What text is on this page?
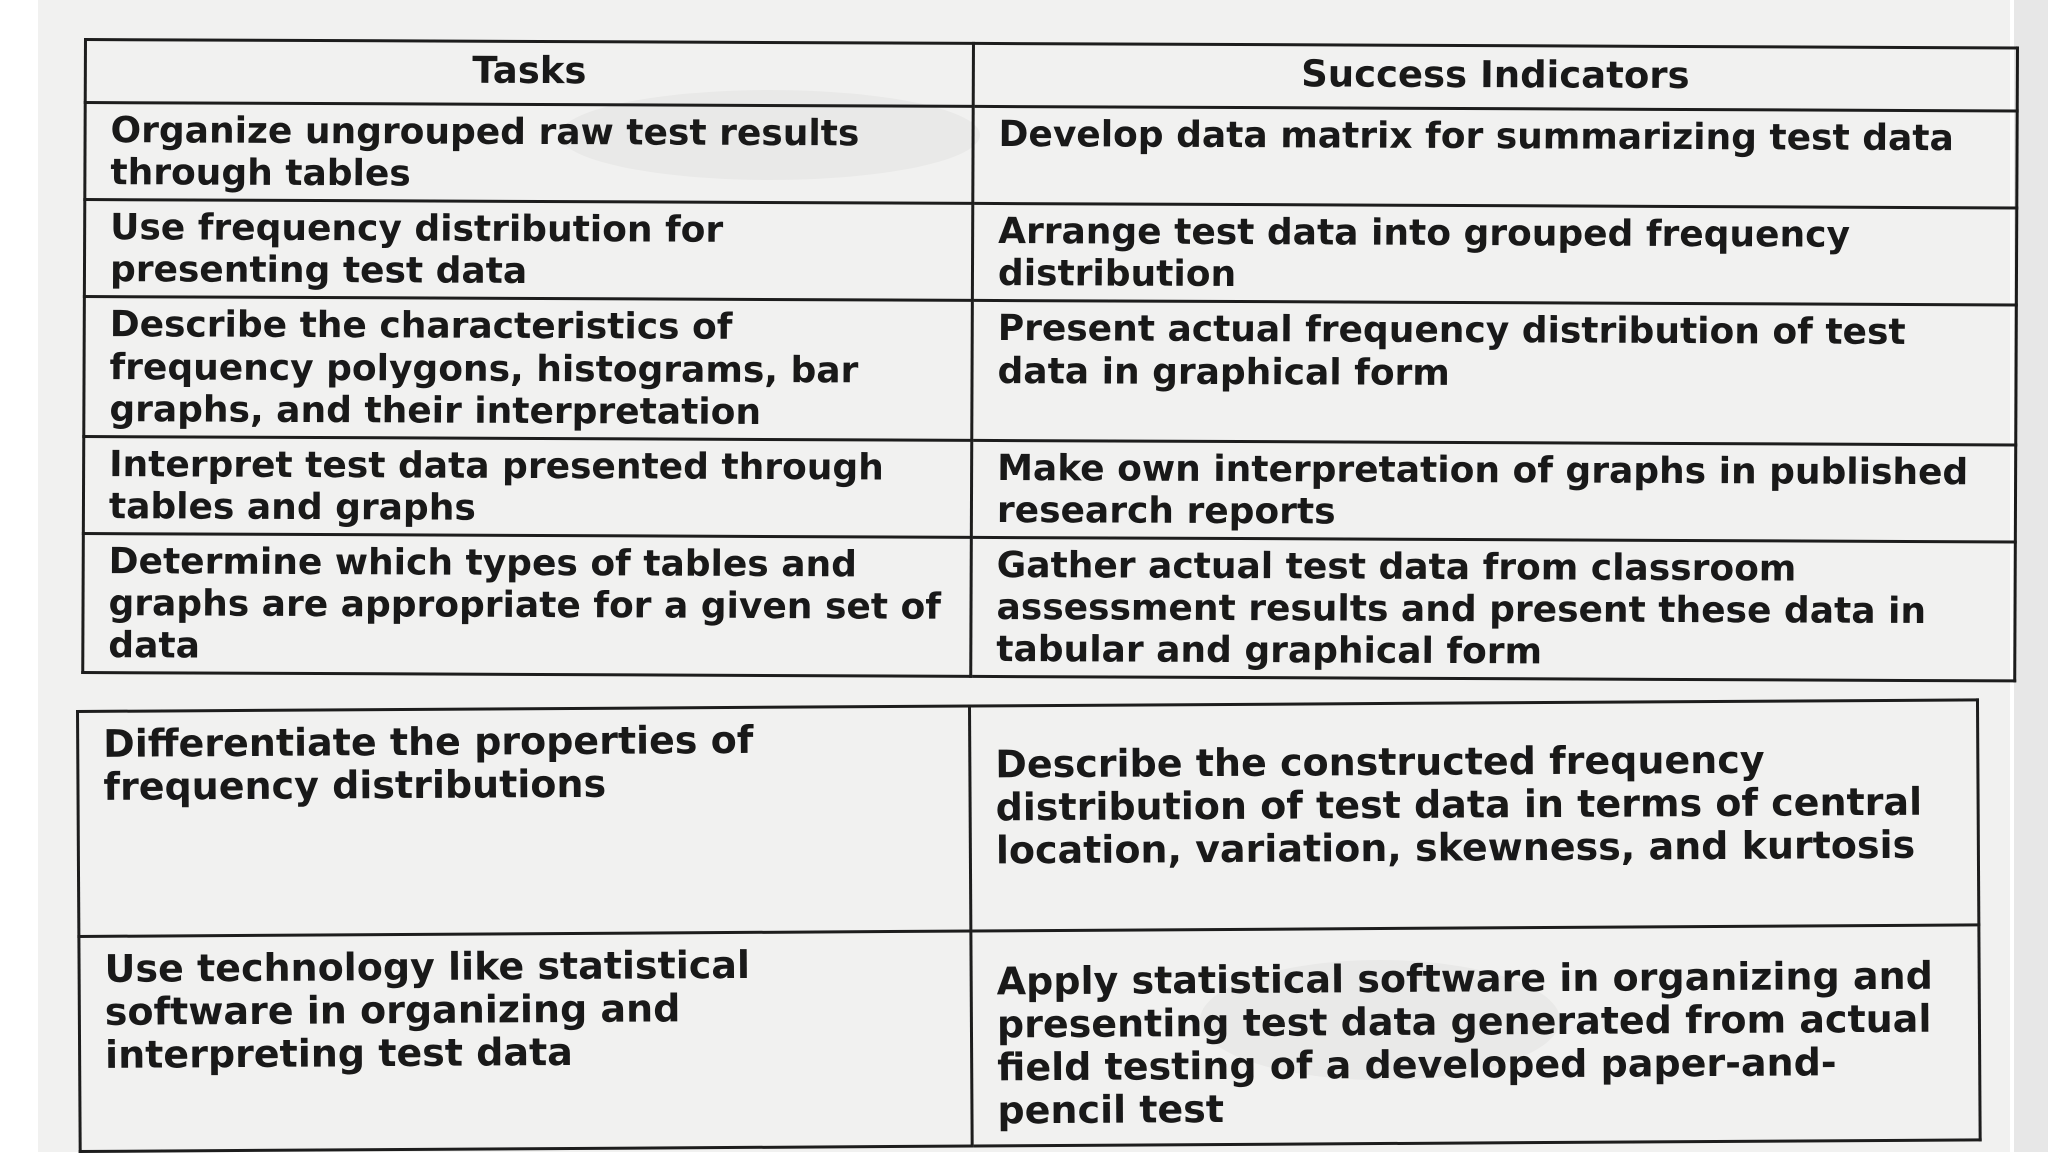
Tasks	Success Indicators
Organize ungrouped raw test results through tables	Develop data matrix for summarizing test data
Use frequency distribution for presenting test data	Arrange test data into grouped frequency distribution
Describe the characteristics of frequency polygons, histograms, bar graphs, and their interpretation	Present actual frequency distribution of test data in graphical form
Interpret test data presented through tables and graphs	Make own interpretation of graphs in published research reports
Determine which types of tables and graphs are appropriate for a given set of data	Gather actual test data from classroom assessment results and present these data in tabular and graphical form
Differentiate the properties of frequency distributions	Describe the constructed frequency distribution of test data in terms of central location, variation, skewness, and kurtosis
Use technology like statistical software in organizing and interpreting test data	Apply statistical software in organizing and presenting test data generated from actual field testing of a developed paper-and-pencil test
